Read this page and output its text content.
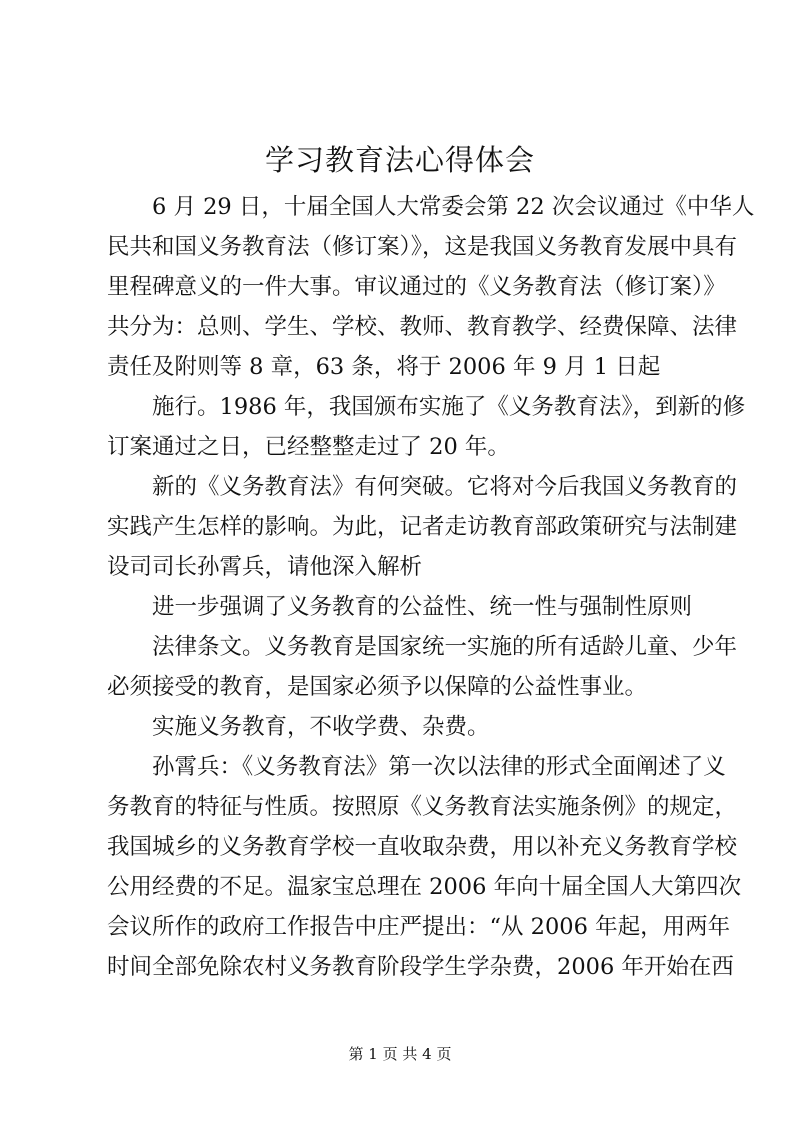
学习教育法心得体会
6 月 29 日，十届全国人大常委会第 22 次会议通过《中华人
民共和国义务教育法（修订案）》，这是我国义务教育发展中具有
里程碑意义的一件大事。审议通过的《义务教育法（修订案）》
共分为：总则、学生、学校、教师、教育教学、经费保障、法律
责任及附则等 8 章，63 条，将于 2006 年 9 月 1 日起
施行。1986 年，我国颁布实施了《义务教育法》，到新的修
订案通过之日，已经整整走过了 20 年。
新的《义务教育法》有何突破。它将对今后我国义务教育的
实践产生怎样的影响。为此，记者走访教育部政策研究与法制建
设司司长孙霄兵，请他深入解析
进一步强调了义务教育的公益性、统一性与强制性原则
法律条文。义务教育是国家统一实施的所有适龄儿童、少年
必须接受的教育，是国家必须予以保障的公益性事业。
实施义务教育，不收学费、杂费。
孙霄兵：《义务教育法》第一次以法律的形式全面阐述了义
务教育的特征与性质。按照原《义务教育法实施条例》的规定，
我国城乡的义务教育学校一直收取杂费，用以补充义务教育学校
公用经费的不足。温家宝总理在 2006 年向十届全国人大第四次
会议所作的政府工作报告中庄严提出：“从 2006 年起，用两年
时间全部免除农村义务教育阶段学生学杂费，2006 年开始在西
第 1 页 共 4 页
